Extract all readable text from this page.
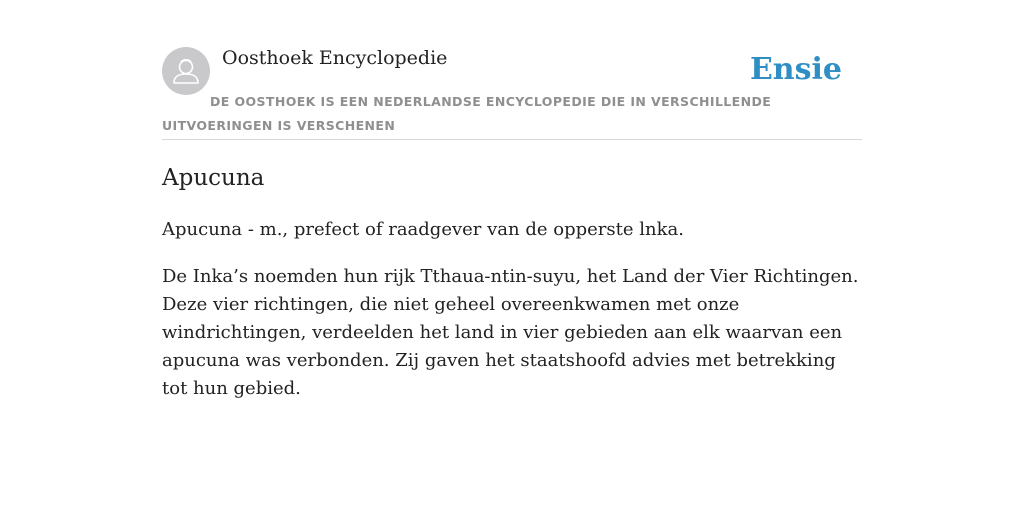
Oosthoek Encyclopedie	Ensie
DE OOSTHOEK IS EEN NEDERLANDSE ENCYCLOPEDIE DIE IN VERSCHILLENDE UITVOERINGEN IS VERSCHENEN
Apucuna

Apucuna - m., prefect of raadgever van de opperste lnka.

De Inka’s noemden hun rijk Tthaua-ntin-suyu, het Land der Vier Richtingen. Deze vier richtingen, die niet geheel overeenkwamen met onze windrichtingen, verdeelden het land in vier gebieden aan elk waarvan een apucuna was verbonden. Zij gaven het staatshoofd advies met betrekking tot hun gebied.
